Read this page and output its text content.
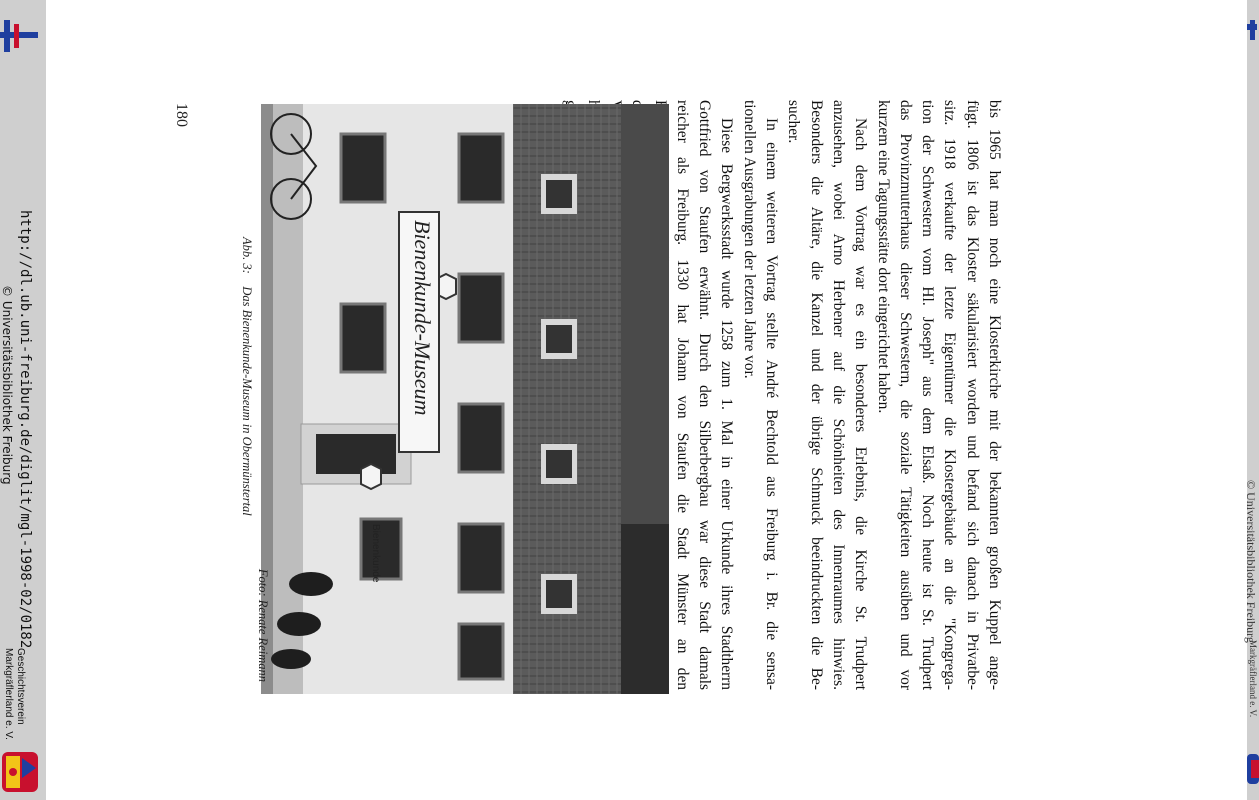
bis 1965 hat man noch eine Klosterkirche mit der bekannten großen Kuppel ange-
fügt. 1806 ist das Kloster säkularisiert worden und befand sich danach in Privatbe-
sitz. 1918 verkaufte der letzte Eigentümer die Klostergebäude an die "Kongrega-
tion der Schwestern vom Hl. Joseph" aus dem Elsaß. Noch heute ist St. Trudpert
das Provinzmutterhaus dieser Schwestern, die soziale Tätigkeiten ausüben und vor
kurzem eine Tagungsstätte dort eingerichtet haben.
Nach dem Vortrag war es ein besonderes Erlebnis, die Kirche St. Trudpert
anzusehen, wobei Arno Herbener auf die Schönheiten des Innenraumes hinwies.
Besonders die Altäre, die Kanzel und der übrige Schmuck beeindruckten die Be-
sucher.
In einem weiteren Vortrag stellte André Bechtold aus Freiburg i. Br. die sensa-
tionellen Ausgrabungen der letzten Jahre vor.
Diese Bergwerksstadt wurde 1258 zum 1. Mal in einer Urkunde ihres Stadtherrn
Gottfried von Staufen erwähnt. Durch den Silberbergbau war diese Stadt damals
reicher als Freiburg. 1330 hat Johann von Staufen die Stadt Münster an den
Bienenkunde-Museum
Bienenkunde
Abb. 3:    Das Bienenkunde-Museum in Obermünstertal
Foto: Renate Reimann
180
http://dl.ub.uni-freiburg.de/diglit/mgl-1998-02/0182
© Universitätsbibliothek Freiburg
Geschichtsverein
Markgräflerland e. V.
© Universitätsbibliothek Freiburg
Markgräflerland e. V.
